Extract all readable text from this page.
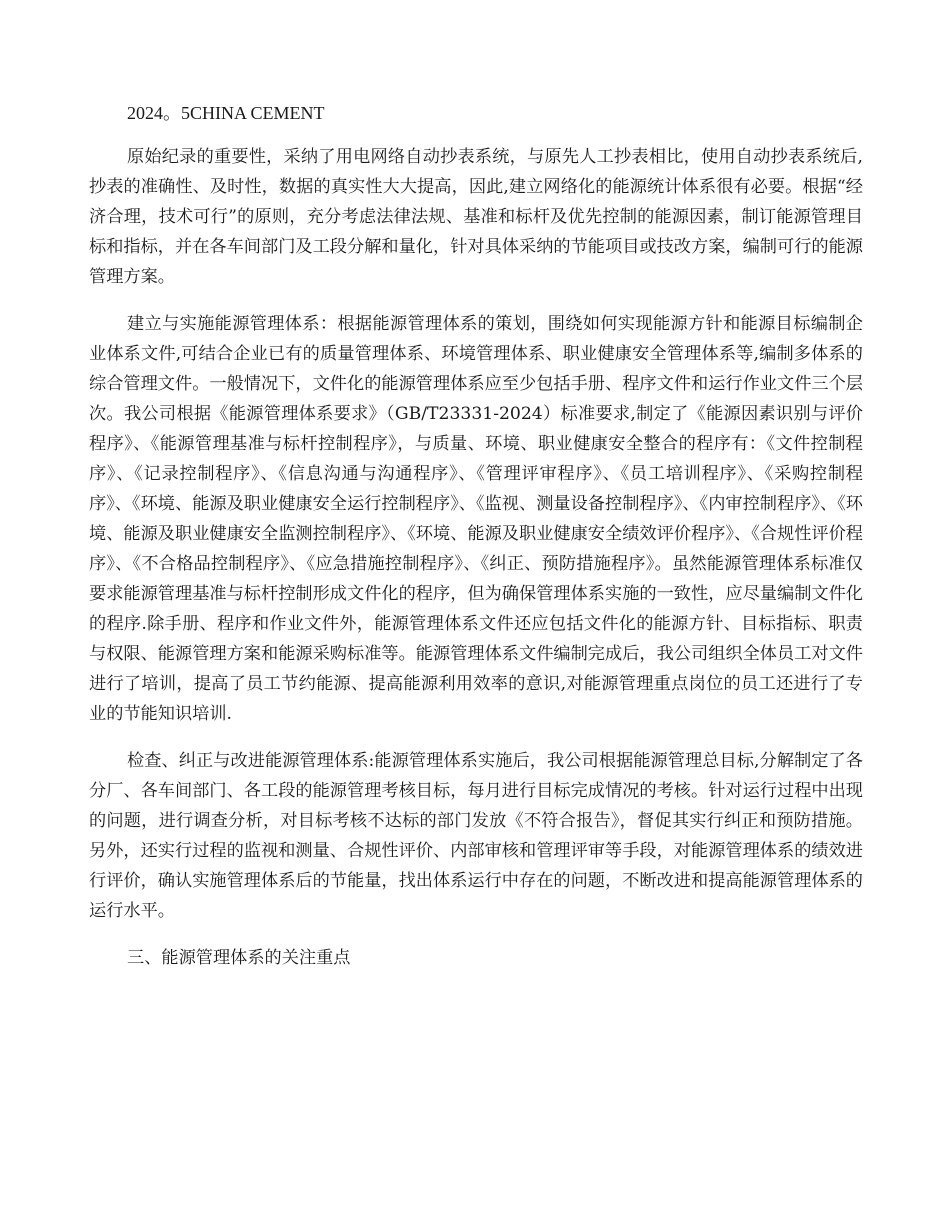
2024。5CHINA CEMENT

原始纪录的重要性，采纳了用电网络自动抄表系统，与原先人工抄表相比，使用自动抄表系统后,抄表的准确性、及时性，数据的真实性大大提高，因此,建立网络化的能源统计体系很有必要。根据“经济合理，技术可行”的原则，充分考虑法律法规、基准和标杆及优先控制的能源因素，制订能源管理目标和指标，并在各车间部门及工段分解和量化，针对具体采纳的节能项目或技改方案，编制可行的能源管理方案。

建立与实施能源管理体系：根据能源管理体系的策划，围绕如何实现能源方针和能源目标编制企业体系文件,可结合企业已有的质量管理体系、环境管理体系、职业健康安全管理体系等,编制多体系的综合管理文件。一般情况下，文件化的能源管理体系应至少包括手册、程序文件和运行作业文件三个层次。我公司根据《能源管理体系要求》（GB/T23331-2024）标准要求,制定了《能源因素识别与评价程序》、《能源管理基准与标杆控制程序》，与质量、环境、职业健康安全整合的程序有：《文件控制程序》、《记录控制程序》、《信息沟通与沟通程序》、《管理评审程序》、《员工培训程序》、《采购控制程序》、《环境、能源及职业健康安全运行控制程序》、《监视、测量设备控制程序》、《内审控制程序》、《环境、能源及职业健康安全监测控制程序》、《环境、能源及职业健康安全绩效评价程序》、《合规性评价程序》、《不合格品控制程序》、《应急措施控制程序》、《纠正、预防措施程序》。虽然能源管理体系标准仅要求能源管理基准与标杆控制形成文件化的程序，但为确保管理体系实施的一致性，应尽量编制文件化的程序.除手册、程序和作业文件外，能源管理体系文件还应包括文件化的能源方针、目标指标、职责与权限、能源管理方案和能源采购标准等。能源管理体系文件编制完成后，我公司组织全体员工对文件进行了培训，提高了员工节约能源、提高能源利用效率的意识,对能源管理重点岗位的员工还进行了专业的节能知识培训.

检查、纠正与改进能源管理体系:能源管理体系实施后，我公司根据能源管理总目标,分解制定了各分厂、各车间部门、各工段的能源管理考核目标，每月进行目标完成情况的考核。针对运行过程中出现的问题，进行调查分析，对目标考核不达标的部门发放《不符合报告》，督促其实行纠正和预防措施。另外，还实行过程的监视和测量、合规性评价、内部审核和管理评审等手段，对能源管理体系的绩效进行评价，确认实施管理体系后的节能量，找出体系运行中存在的问题，不断改进和提高能源管理体系的运行水平。

三、能源管理体系的关注重点
